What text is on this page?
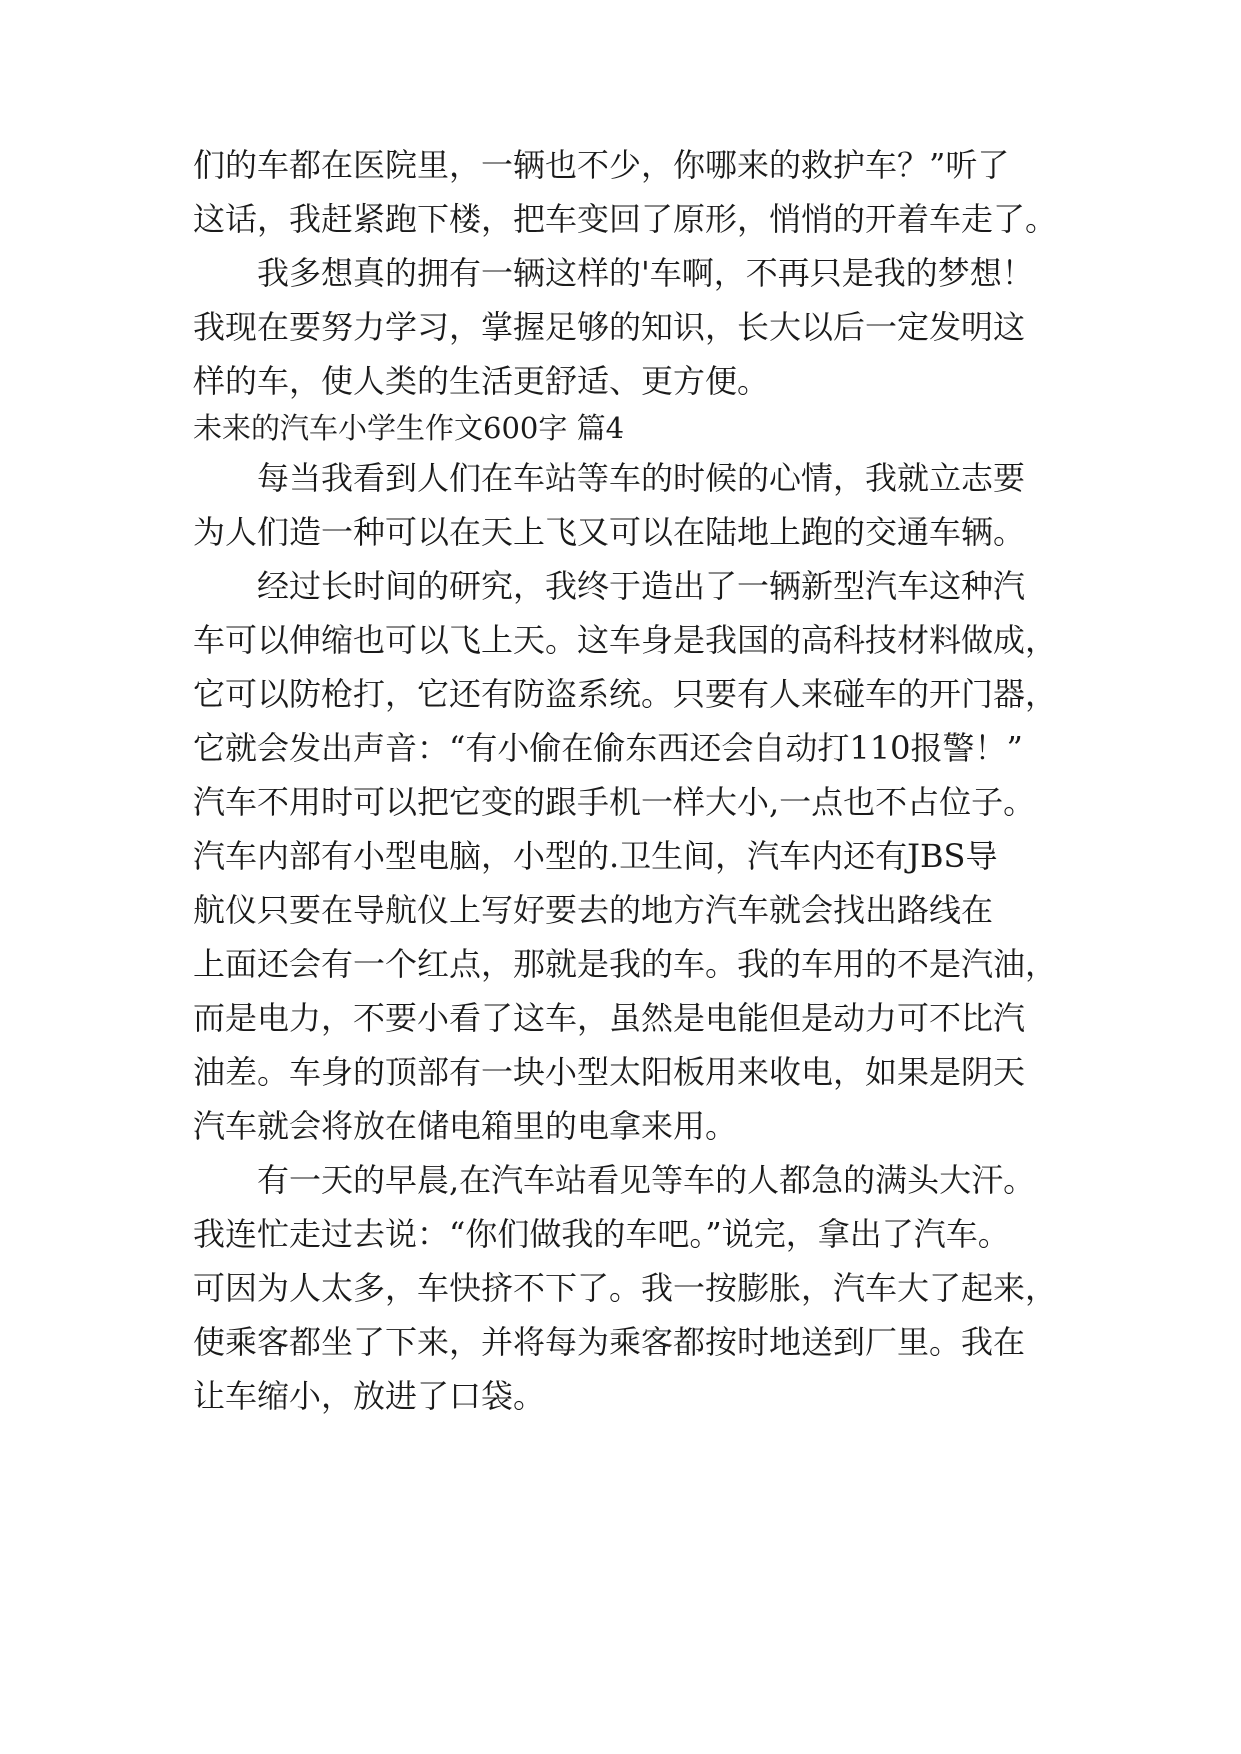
们的车都在医院里，一辆也不少，你哪来的救护车？”听了
这话，我赶紧跑下楼，把车变回了原形，悄悄的开着车走了。
我多想真的拥有一辆这样的'车啊，不再只是我的梦想！
我现在要努力学习，掌握足够的知识，长大以后一定发明这
样的车，使人类的生活更舒适、更方便。
未来的汽车小学生作文600字 篇4
每当我看到人们在车站等车的时候的心情，我就立志要
为人们造一种可以在天上飞又可以在陆地上跑的交通车辆。
经过长时间的研究，我终于造出了一辆新型汽车这种汽
车可以伸缩也可以飞上天。这车身是我国的高科技材料做成，
它可以防枪打，它还有防盗系统。只要有人来碰车的开门器，
它就会发出声音：“有小偷在偷东西还会自动打110报警！”
汽车不用时可以把它变的跟手机一样大小,一点也不占位子。
汽车内部有小型电脑，小型的.卫生间，汽车内还有JBS导
航仪只要在导航仪上写好要去的地方汽车就会找出路线在
上面还会有一个红点，那就是我的车。我的车用的不是汽油，
而是电力，不要小看了这车，虽然是电能但是动力可不比汽
油差。车身的顶部有一块小型太阳板用来收电，如果是阴天
汽车就会将放在储电箱里的电拿来用。
有一天的早晨,在汽车站看见等车的人都急的满头大汗。
我连忙走过去说：“你们做我的车吧。”说完，拿出了汽车。
可因为人太多，车快挤不下了。我一按膨胀，汽车大了起来，
使乘客都坐了下来，并将每为乘客都按时地送到厂里。我在
让车缩小，放进了口袋。
